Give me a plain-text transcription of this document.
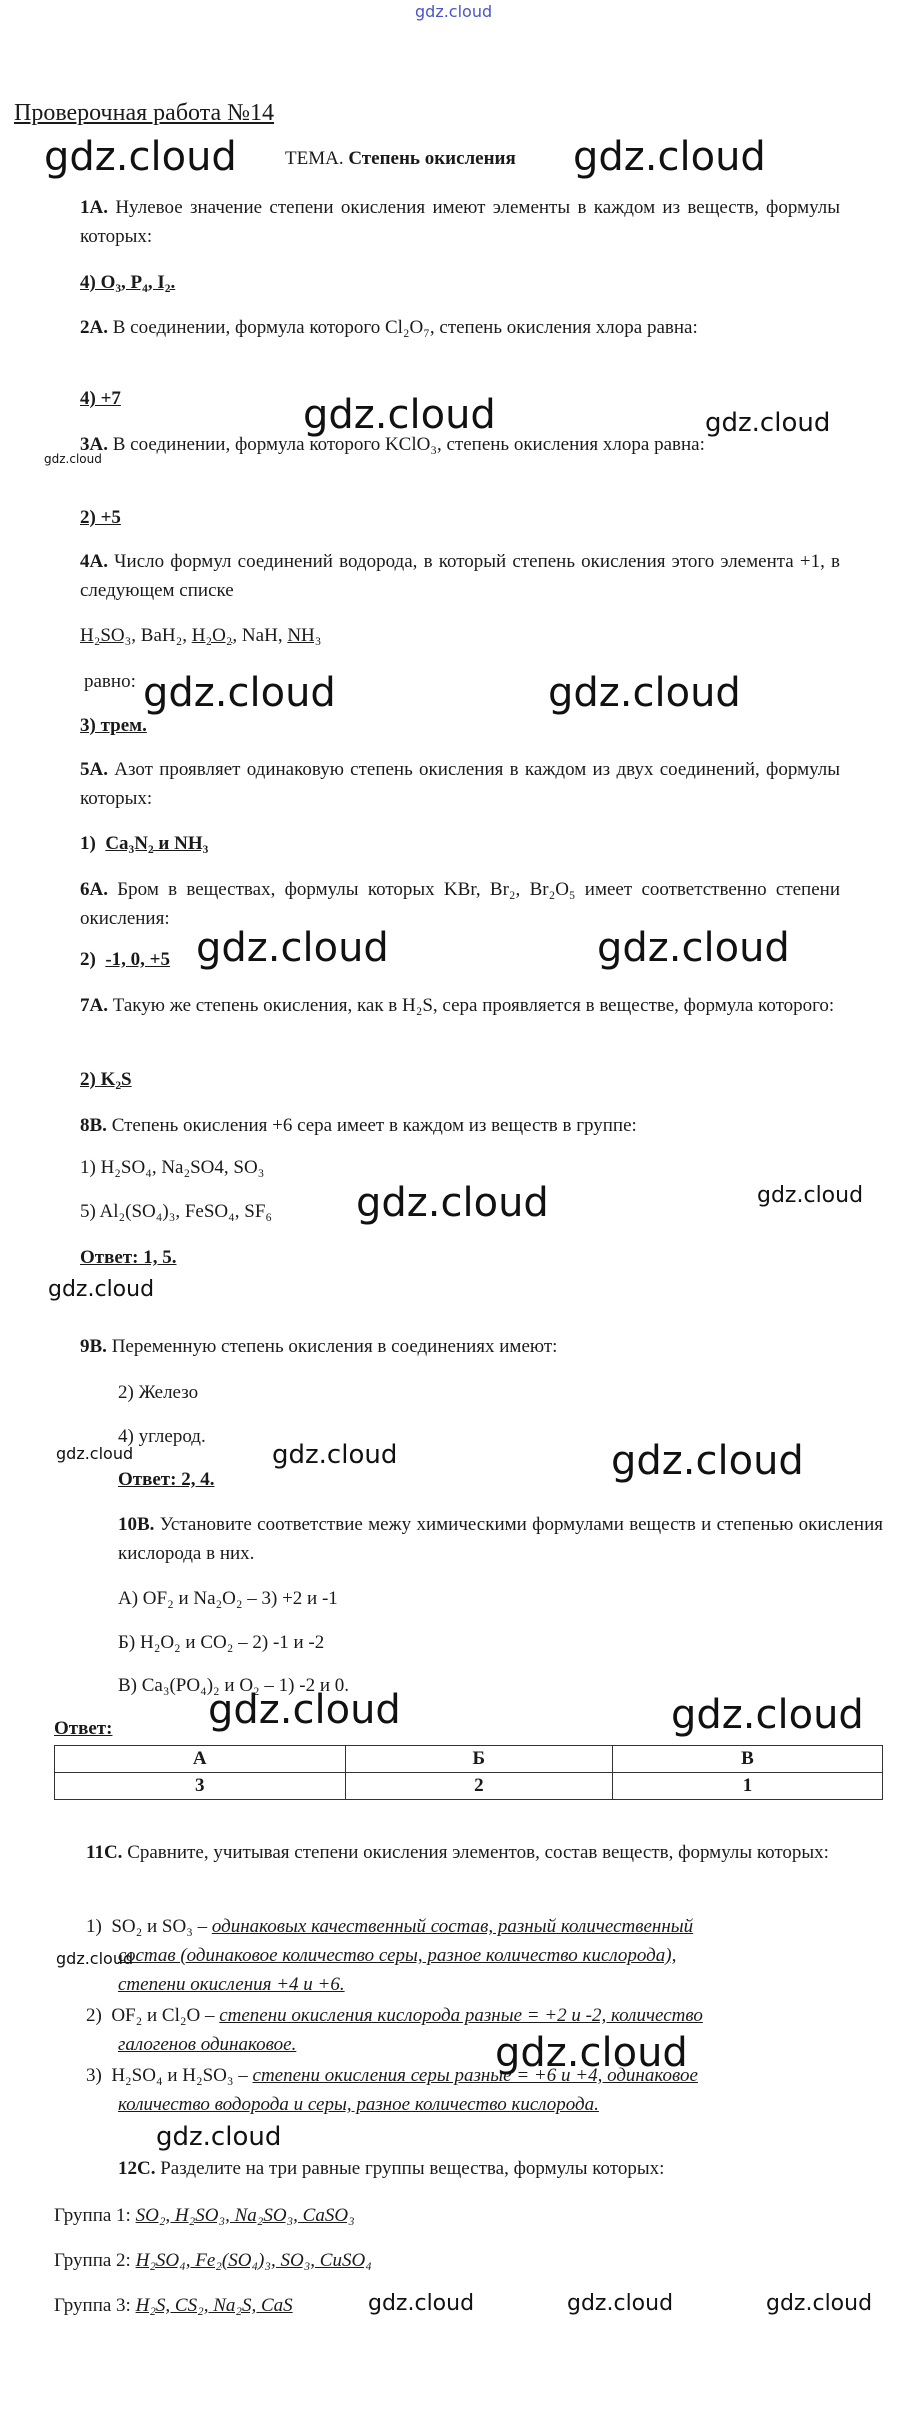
gdz.cloud
Проверочная работа №14
ТЕМА. Степень окисления
1А. Нулевое значение степени окисления имеют элементы в каждом из веществ, формулы которых:
4) O₃, P₄, I₂.
2А. В соединении, формула которого Cl₂O₇, степень окисления хлора равна:
4) +7
3А. В соединении, формула которого KClO₃, степень окисления хлора равна:
2) +5
4А. Число формул соединений водорода, в который степень окисления этого элемента +1, в следующем списке
H₂SO₃, BaH₂, H₂O₂, NaH, NH₃
равно:
3) трем.
5А. Азот проявляет одинаковую степень окисления в каждом из двух соединений, формулы которых:
1) Ca₃N₂ и NH₃
6А. Бром в веществах, формулы которых KBr, Br₂, Br₂O₅ имеет соответственно степени окисления:
2) -1, 0, +5
7А. Такую же степень окисления, как в H₂S, сера проявляется в веществе, формула которого:
2) K₂S
8В. Степень окисления +6 сера имеет в каждом из веществ в группе:
1) H₂SO₄, Na₂SO4, SO₃
5) Al₂(SO₄)₃, FeSO₄, SF₆
Ответ: 1, 5.
9В. Переменную степень окисления в соединениях имеют:
2) Железо
4) углерод.
Ответ: 2, 4.
10В. Установите соответствие межу химическими формулами веществ и степенью окисления кислорода в них.
А) OF₂ и Na₂O₂ – 3) +2 и -1
Б) H₂O₂ и CO₂ – 2) -1 и -2
В) Ca₃(PO₄)₂ и O₂ – 1) -2 и 0.
Ответ:
А	Б	В
3	2	1
11С. Сравните, учитывая степени окисления элементов, состав веществ, формулы которых:
1) SO₂ и SO₃ – одинаковых качественный состав, разный количественный
состав (одинаковое количество серы, разное количество кислорода),
степени окисления +4 и +6.
2) OF₂ и Cl₂O – степени окисления кислорода разные = +2 и -2, количество
галогенов одинаковое.
3) H₂SO₄ и H₂SO₃ – степени окисления серы разные = +6 и +4, одинаковое
количество водорода и серы, разное количество кислорода.
12С. Разделите на три равные группы вещества, формулы которых:
Группа 1: SO₂, H₂SO₃, Na₂SO₃, CaSO₃
Группа 2: H₂SO₄, Fe₂(SO₄)₃, SO₃, CuSO₄
Группа 3: H₂S, CS₂, Na₂S, CaS
gdz.cloud	gdz.cloud
gdz.cloud	gdz.cloud
gdz.cloud
gdz.cloud	gdz.cloud
gdz.cloud	gdz.cloud
gdz.cloud	gdz.cloud
gdz.cloud
gdz.cloud	gdz.cloud	gdz.cloud
gdz.cloud	gdz.cloud
gdz.cloud
gdz.cloud
gdz.cloud
gdz.cloud	gdz.cloud	gdz.cloud
